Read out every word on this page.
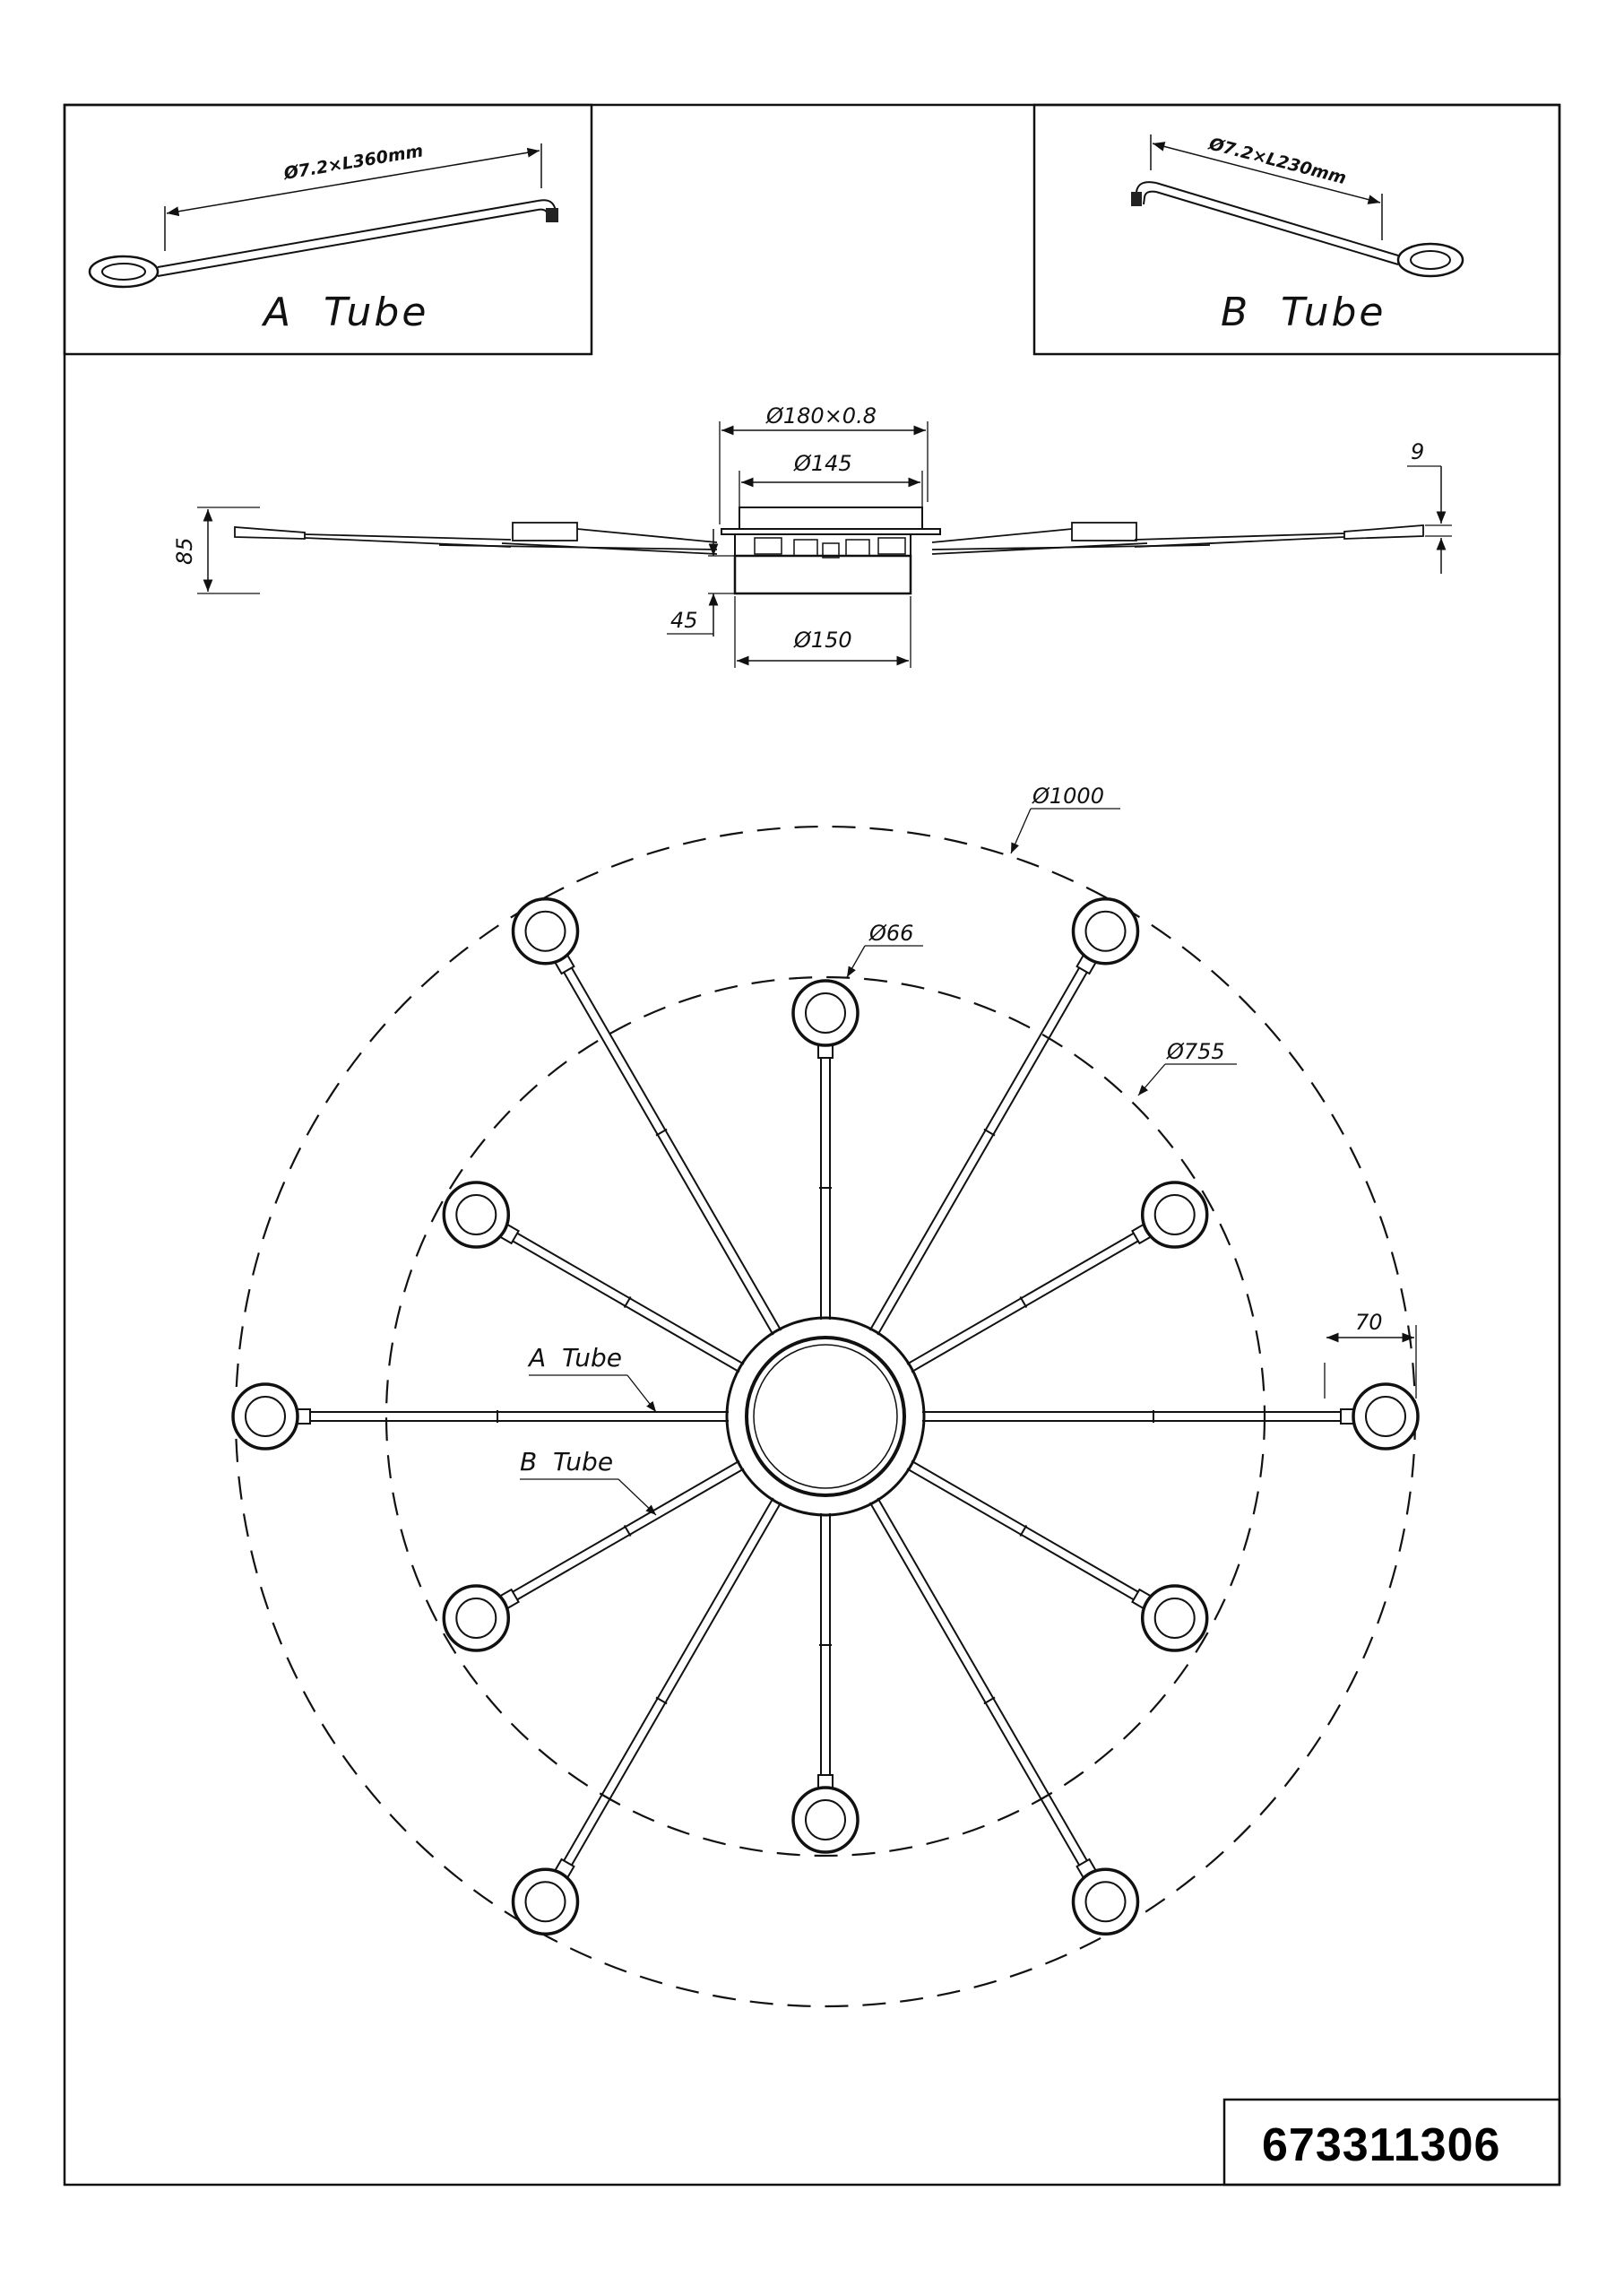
Ø7.2×L360mm
A  Tube
Ø7.2×L230mm
B  Tube
Ø180×0.8
Ø145
Ø150
85
45
9
Ø1000
Ø755
Ø66
70
A  Tube
B  Tube
673311306
